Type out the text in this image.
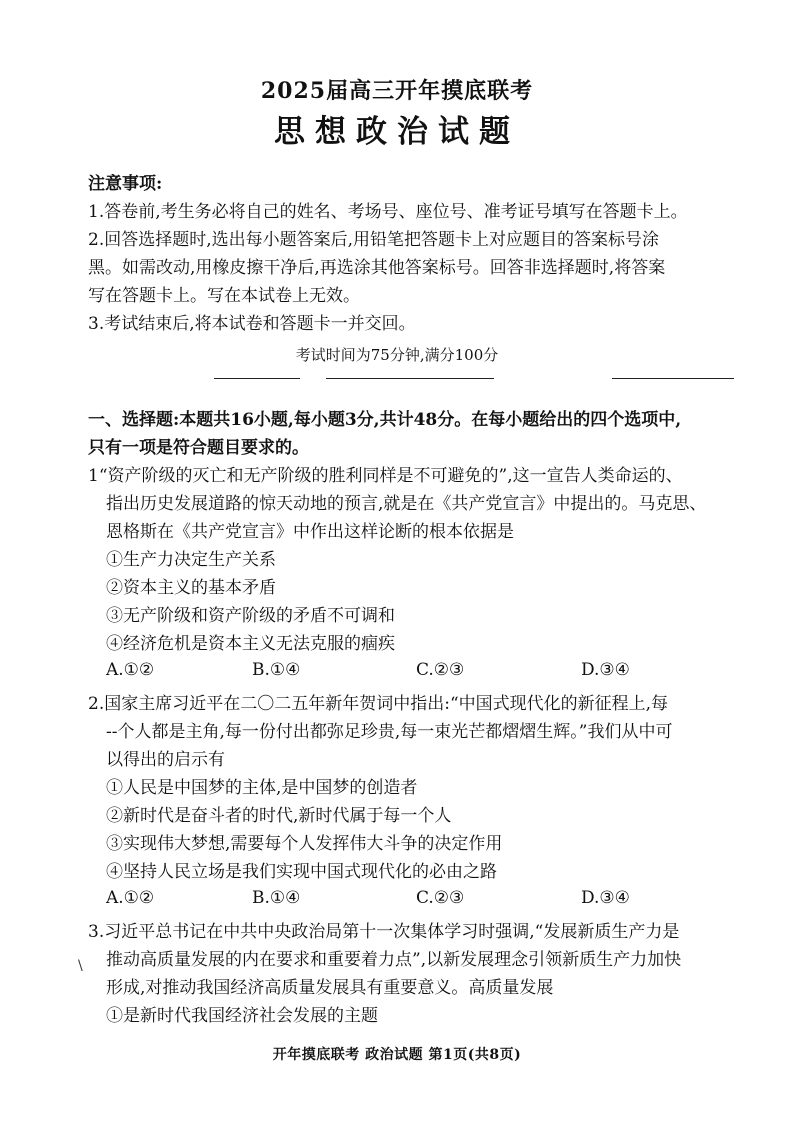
2025届高三开年摸底联考
思想政治试题
注意事项:
1.答卷前,考生务必将自己的姓名、考场号、座位号、准考证号填写在答题卡上。
2.回答选择题时,选出每小题答案后,用铅笔把答题卡上对应题目的答案标号涂
黑。如需改动,用橡皮擦干净后,再选涂其他答案标号。回答非选择题时,将答案
写在答题卡上。写在本试卷上无效。
3.考试结束后,将本试卷和答题卡一并交回。
考试时间为75分钟,满分100分
一、选择题:本题共16小题,每小题3分,共计48分。在每小题给出的四个选项中,
只有一项是符合题目要求的。
1“资产阶级的灭亡和无产阶级的胜利同样是不可避免的”,这一宣告人类命运的、
指出历史发展道路的惊天动地的预言,就是在《共产党宣言》中提出的。马克思、
恩格斯在《共产党宣言》中作出这样论断的根本依据是
①生产力决定生产关系
②资本主义的基本矛盾
③无产阶级和资产阶级的矛盾不可调和
④经济危机是资本主义无法克服的痼疾
A.①②	B.①④	C.②③	D.③④
2.国家主席习近平在二〇二五年新年贺词中指出:“中国式现代化的新征程上,每
--个人都是主角,每一份付出都弥足珍贵,每一束光芒都熠熠生辉。”我们从中可
以得出的启示有
①人民是中国梦的主体,是中国梦的创造者
②新时代是奋斗者的时代,新时代属于每一个人
③实现伟大梦想,需要每个人发挥伟大斗争的决定作用
④坚持人民立场是我们实现中国式现代化的必由之路
A.①②	B.①④	C.②③	D.③④
3.习近平总书记在中共中央政治局第十一次集体学习时强调,“发展新质生产力是
推动高质量发展的内在要求和重要着力点”,以新发展理念引领新质生产力加快
形成,对推动我国经济高质量发展具有重要意义。高质量发展
①是新时代我国经济社会发展的主题
\
开年摸底联考 政治试题 第1页(共8页)
